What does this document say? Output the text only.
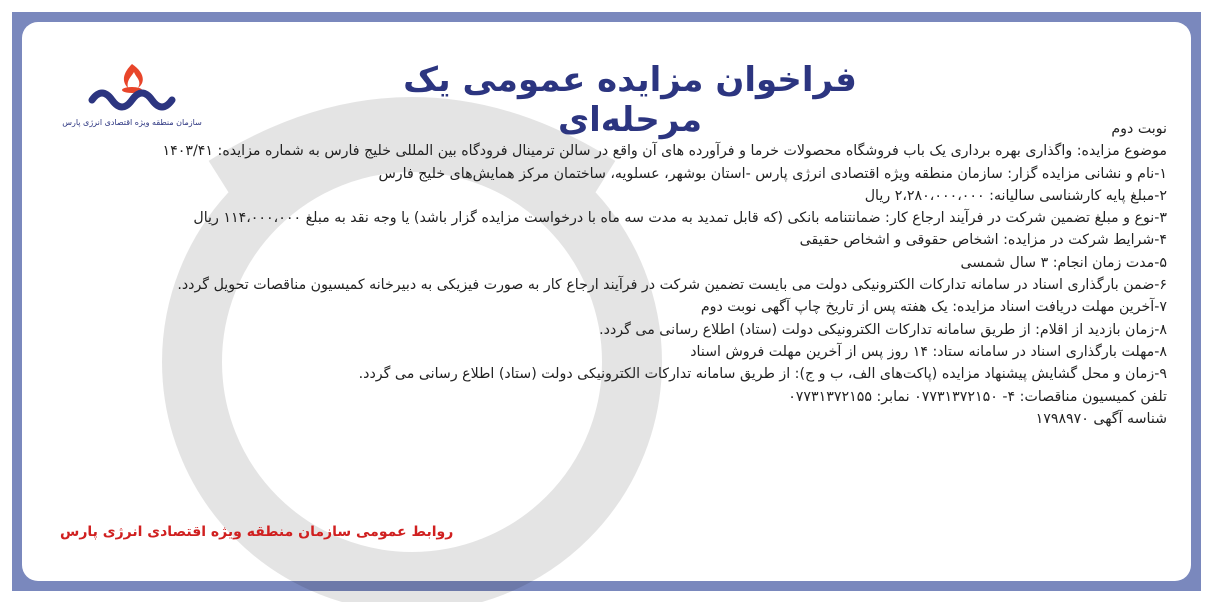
سازمان منطقه ویژه اقتصادی انرژی پارس
فراخوان مزایده عمومی یک مرحله‌ای	نوبت دوم
موضوع مزایده: واگذاری بهره برداری یک باب فروشگاه محصولات خرما و فرآورده های آن واقع در سالن ترمینال فرودگاه بین المللی خلیج فارس به شماره مزایده: ۱۴۰۳/۴۱
۱-نام و نشانی مزایده گزار: سازمان منطقه ویژه اقتصادی انرژی پارس -استان بوشهر، عسلویه، ساختمان مرکز همایش‌های خلیج فارس
۲-مبلغ پایه کارشناسی سالیانه: ۲،۲۸۰،۰۰۰،۰۰۰ ریال
۳-نوع و مبلغ تضمین شرکت در فرآیند ارجاع کار: ضمانتنامه بانکی (که قابل تمدید به مدت سه ماه با درخواست مزایده گزار باشد) یا وجه نقد به مبلغ ۱۱۴،۰۰۰،۰۰۰ ریال
۴-شرایط شرکت در مزایده: اشخاص حقوقی و اشخاص حقیقی
۵-مدت زمان انجام: ۳ سال شمسی
۶-ضمن بارگذاری اسناد در سامانه تدارکات الکترونیکی دولت می بایست تضمین شرکت در فرآیند ارجاع کار به صورت فیزیکی به دبیرخانه کمیسیون مناقصات تحویل گردد.
۷-آخرین مهلت دریافت اسناد مزایده: یک هفته پس از تاریخ چاپ آگهی نوبت دوم
۸-زمان بازدید از اقلام: از طریق سامانه تدارکات الکترونیکی دولت (ستاد) اطلاع رسانی می گردد.
۸-مهلت بارگذاری اسناد در سامانه ستاد: ۱۴ روز پس از آخرین مهلت فروش اسناد
۹-زمان و محل گشایش پیشنهاد مزایده (پاکت‌های الف، ب و ج): از طریق سامانه تدارکات الکترونیکی دولت (ستاد) اطلاع رسانی می گردد.
تلفن کمیسیون مناقصات: ۴- ۰۷۷۳۱۳۷۲۱۵۰ نمابر: ۰۷۷۳۱۳۷۲۱۵۵
شناسه آگهی ۱۷۹۸۹۷۰
روابط عمومی سازمان منطقه ویژه اقتصادی انرژی پارس
